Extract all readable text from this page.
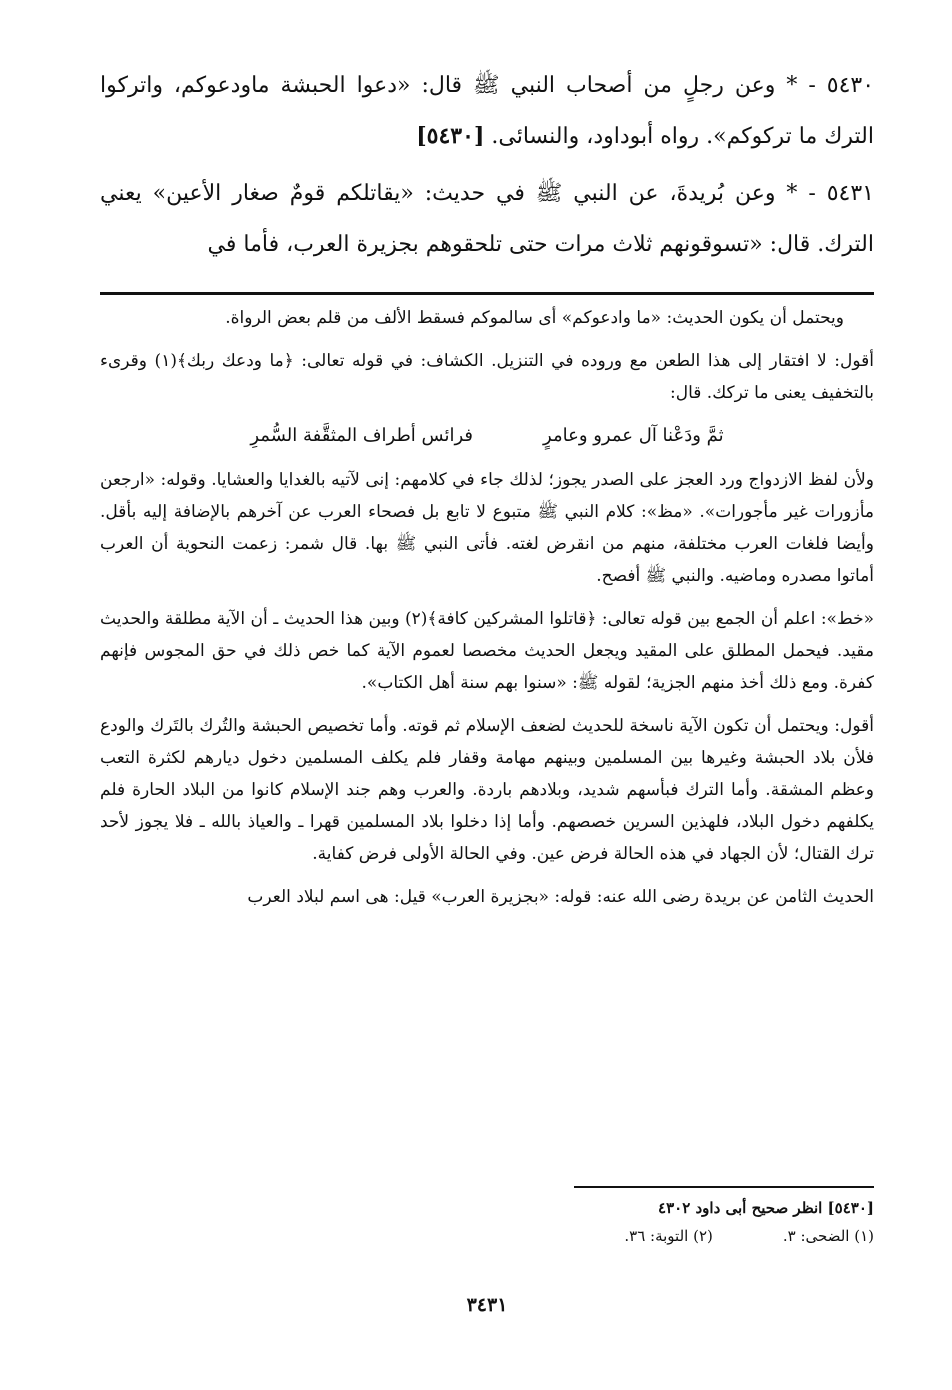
٥٤٣٠ - * وعن رجلٍ من أصحاب النبي ﷺ قال: «دعوا الحبشة ماودعوكم، واتركوا الترك ما تركوكم». رواه أبوداود، والنسائى. [٥٤٣٠]

٥٤٣١ - * وعن بُريدةَ، عن النبي ﷺ في حديث: «يقاتلكم قومٌ صغار الأعين» يعني الترك. قال: «تسوقونهم ثلاث مرات حتى تلحقوهم بجزيرة العرب، فأما في

ويحتمل أن يكون الحديث: «ما وادعوكم» أى سالموكم فسقط الألف من قلم بعض الرواة.

أقول: لا افتقار إلى هذا الطعن مع وروده في التنزيل. الكشاف: في قوله تعالى: ﴿ما ودعك ربك﴾(١) وقرىء بالتخفيف يعنى ما تركك. قال:

ثمَّ ودَعْنا آل عمرو وعامرٍ
فرائس أطراف المثقَّفة السُّمرِ

ولأن لفظ الازدواج ورد العجز على الصدر يجوز؛ لذلك جاء في كلامهم: إنى لآتيه بالغدايا والعشايا. وقوله: «ارجعن مأزورات غير مأجورات». «مظ»: كلام النبي ﷺ متبوع لا تابع بل فصحاء العرب عن آخرهم بالإضافة إليه بأقل. وأيضا فلغات العرب مختلفة، منهم من انقرض لغته. فأتى النبي ﷺ بها. قال شمر: زعمت النحوية أن العرب أماتوا مصدره وماضيه. والنبي ﷺ أفصح.

«خط»: اعلم أن الجمع بين قوله تعالى: ﴿قاتلوا المشركين كافة﴾(٢) وبين هذا الحديث ـ أن الآية مطلقة والحديث مقيد. فيحمل المطلق على المقيد ويجعل الحديث مخصصا لعموم الآية كما خص ذلك في حق المجوس فإنهم كفرة. ومع ذلك أخذ منهم الجزية؛ لقوله ﷺ: «سنوا بهم سنة أهل الكتاب».

أقول: ويحتمل أن تكون الآية ناسخة للحديث لضعف الإسلام ثم قوته. وأما تخصيص الحبشة والتُرك بالتَرك والودع فلأن بلاد الحبشة وغيرها بين المسلمين وبينهم مهامة وقفار فلم يكلف المسلمين دخول ديارهم لكثرة التعب وعظم المشقة. وأما الترك فبأسهم شديد، وبلادهم باردة. والعرب وهم جند الإسلام كانوا من البلاد الحارة فلم يكلفهم دخول البلاد، فلهذين السرين خصصهم. وأما إذا دخلوا بلاد المسلمين قهرا ـ والعياذ بالله ـ فلا يجوز لأحد ترك القتال؛ لأن الجهاد في هذه الحالة فرض عين. وفي الحالة الأولى فرض كفاية.

الحديث الثامن عن بريدة رضى الله عنه: قوله: «بجزيرة العرب» قيل: هى اسم لبلاد العرب

[٥٤٣٠] انظر صحيح أبى داود ٤٣٠٢
(١) الضحى: ٣.
(٢) التوبة: ٣٦.
٣٤٣١
